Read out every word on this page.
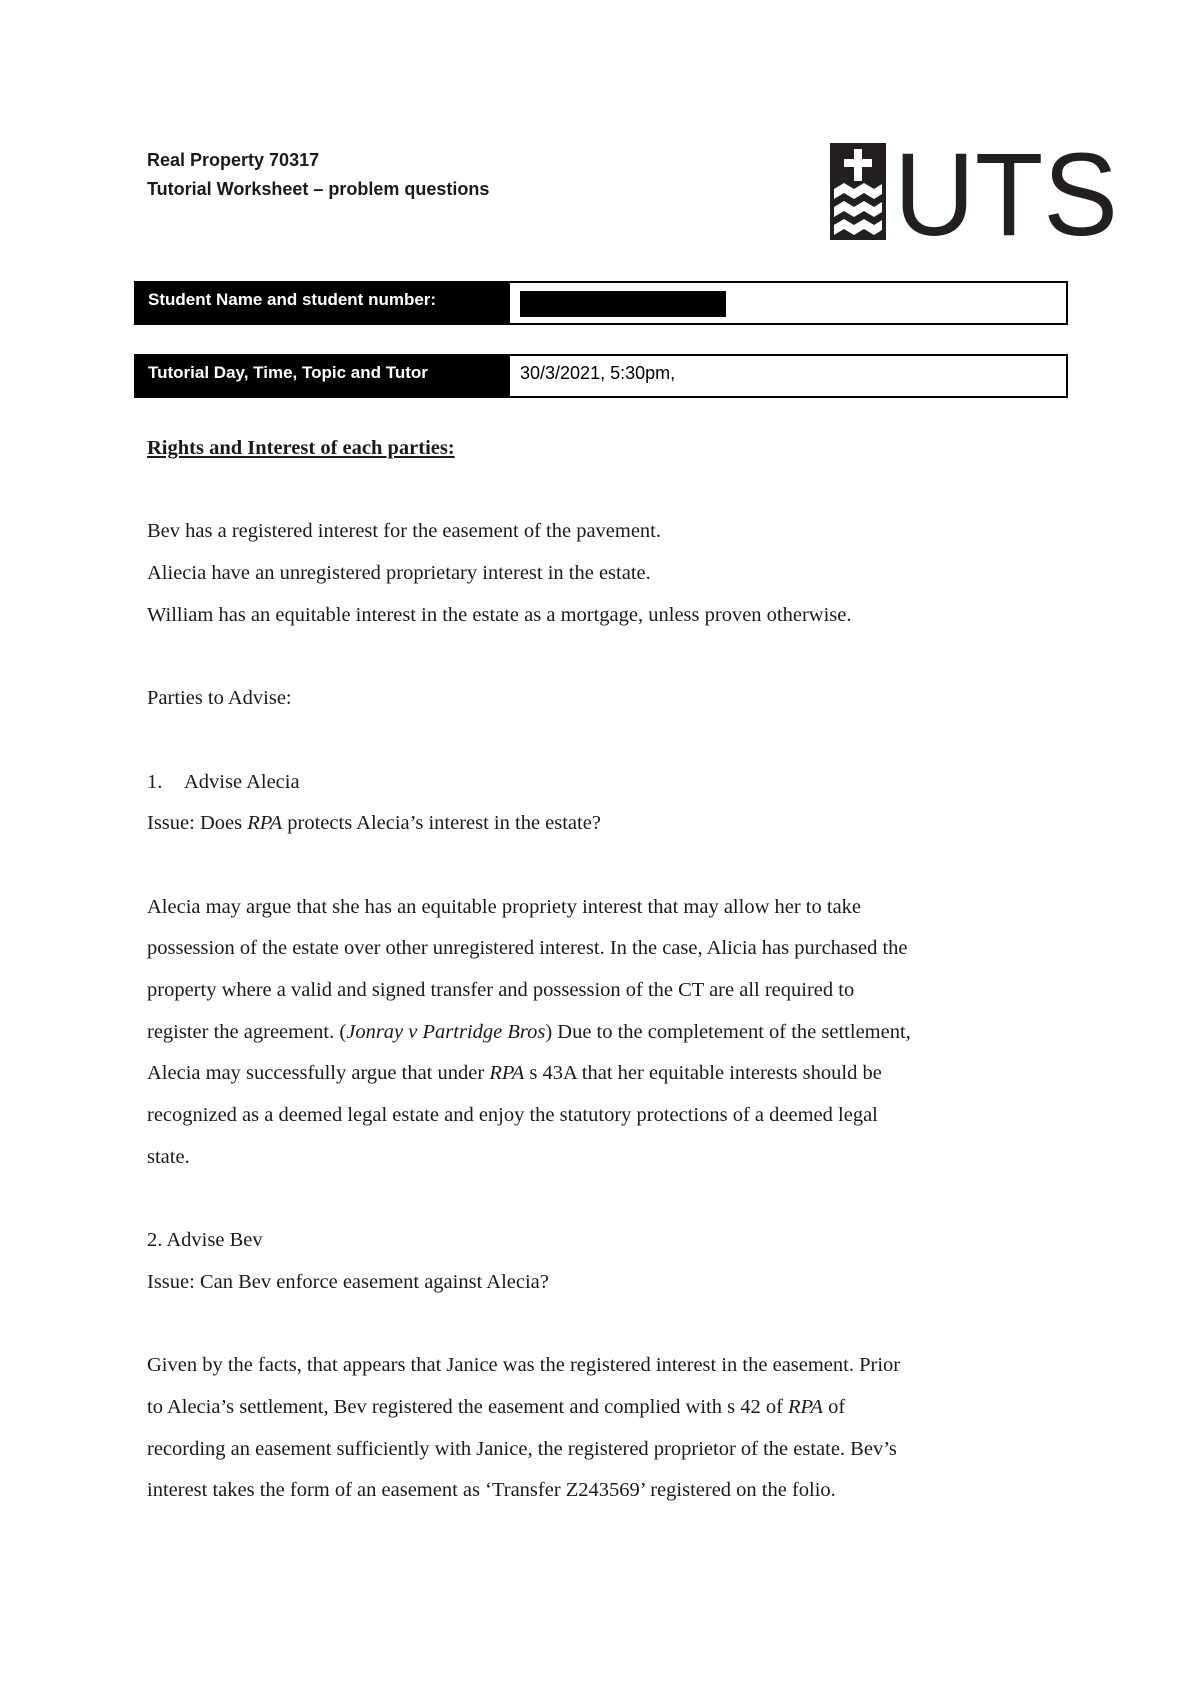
Real Property 70317
Tutorial Worksheet – problem questions	UTS
Student Name and student number:
Tutorial Day, Time, Topic and Tutor	30/3/2021, 5:30pm,

Rights and Interest of each parties:

Bev has a registered interest for the easement of the pavement.

Aliecia have an unregistered proprietary interest in the estate.

William has an equitable interest in the estate as a mortgage, unless proven otherwise.

Parties to Advise:

1. Advise Alecia

Issue: Does RPA protects Alecia’s interest in the estate?

Alecia may argue that she has an equitable propriety interest that may allow her to take

possession of the estate over other unregistered interest. In the case, Alicia has purchased the

property where a valid and signed transfer and possession of the CT are all required to

register the agreement. (Jonray v Partridge Bros) Due to the completement of the settlement,

Alecia may successfully argue that under RPA s 43A that her equitable interests should be

recognized as a deemed legal estate and enjoy the statutory protections of a deemed legal

state.

2. Advise Bev

Issue: Can Bev enforce easement against Alecia?

Given by the facts, that appears that Janice was the registered interest in the easement. Prior

to Alecia’s settlement, Bev registered the easement and complied with s 42 of RPA of

recording an easement sufficiently with Janice, the registered proprietor of the estate. Bev’s

interest takes the form of an easement as ‘Transfer Z243569’ registered on the folio.
